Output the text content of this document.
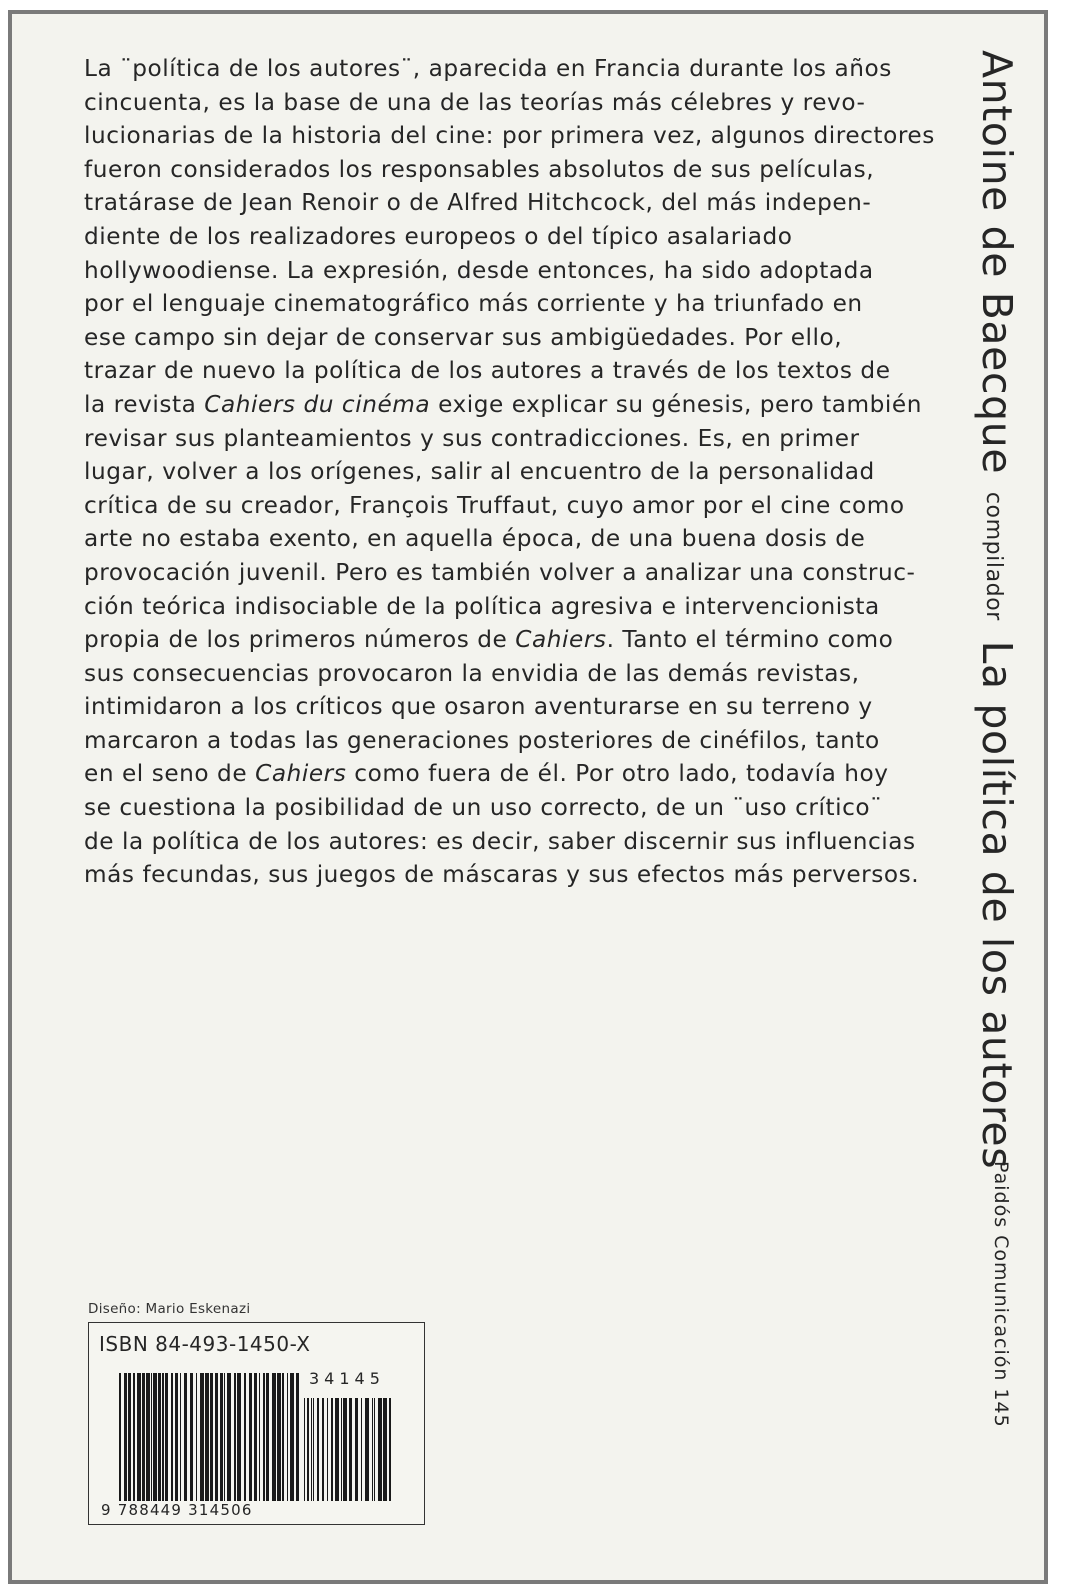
La ¨política de los autores¨, aparecida en Francia durante los años
cincuenta, es la base de una de las teorías más célebres y revo-
lucionarias de la historia del cine: por primera vez, algunos directores
fueron considerados los responsables absolutos de sus películas,
tratárase de Jean Renoir o de Alfred Hitchcock, del más indepen-
diente de los realizadores europeos o del típico asalariado
hollywoodiense. La expresión, desde entonces, ha sido adoptada
por el lenguaje cinematográfico más corriente y ha triunfado en
ese campo sin dejar de conservar sus ambigüedades. Por ello,
trazar de nuevo la política de los autores a través de los textos de
la revista Cahiers du cinéma exige explicar su génesis, pero también
revisar sus planteamientos y sus contradicciones. Es, en primer
lugar, volver a los orígenes, salir al encuentro de la personalidad
crítica de su creador, François Truffaut, cuyo amor por el cine como
arte no estaba exento, en aquella época, de una buena dosis de
provocación juvenil. Pero es también volver a analizar una construc-
ción teórica indisociable de la política agresiva e intervencionista
propia de los primeros números de Cahiers. Tanto el término como
sus consecuencias provocaron la envidia de las demás revistas,
intimidaron a los críticos que osaron aventurarse en su terreno y
marcaron a todas las generaciones posteriores de cinéfilos, tanto
en el seno de Cahiers como fuera de él. Por otro lado, todavía hoy
se cuestiona la posibilidad de un uso correcto, de un ¨uso crítico¨
de la política de los autores: es decir, saber discernir sus influencias
más fecundas, sus juegos de máscaras y sus efectos más perversos.
Antoine de Baecque compilador La política de los autores
Paidós Comunicación 145
Diseño: Mario Eskenazi
ISBN 84-493-1450-X
34145
9 788449 314506
